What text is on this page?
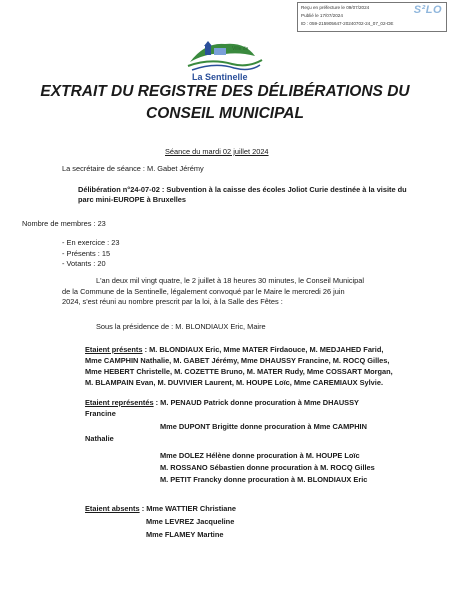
Reçu en préfecture le 09/07/2024
Publié le 17/07/2024
ID : 059-215905647-20240702-24_07_02-DE
S²LO
Ville de
La Sentinelle
EXTRAIT DU REGISTRE DES DÉLIBÉRATIONS DU CONSEIL MUNICIPAL
Séance du mardi 02 juillet 2024
La secrétaire de séance : M. Gabet Jérémy
Délibération n°24-07-02 : Subvention à la caisse des écoles Joliot Curie destinée à la visite du
parc mini-EUROPE à Bruxelles
Nombre de membres : 23
- En exercice : 23
- Présents : 15
- Votants : 20
L'an deux mil vingt quatre, le 2 juillet à 18 heures 30 minutes, le Conseil Municipal
de la Commune de la Sentinelle, légalement convoqué par le Maire le mercredi 26 juin
2024, s'est réuni au nombre prescrit par la loi, à la Salle des Fêtes :
Sous la présidence de : M. BLONDIAUX Eric, Maire
Etaient présents : M. BLONDIAUX Eric, Mme MATER Firdaouce, M. MEDJAHED Farid,
Mme CAMPHIN Nathalie, M. GABET Jérémy, Mme DHAUSSY Francine, M. ROCQ Gilles,
Mme HEBERT Christelle, M. COZETTE Bruno, M. MATER Rudy, Mme COSSART Morgan,
M. BLAMPAIN Evan, M. DUVIVIER Laurent, M. HOUPE Loïc, Mme CAREMIAUX Sylvie.
Etaient représentés : M. PENAUD Patrick donne procuration à Mme DHAUSSY
Francine
Mme DUPONT Brigitte donne procuration à Mme CAMPHIN
Nathalie
Mme DOLEZ Hélène donne procuration à M. HOUPE Loïc
M. ROSSANO Sébastien donne procuration à M. ROCQ Gilles
M. PETIT Francky donne procuration à M. BLONDIAUX Eric
Etaient absents : Mme WATTIER Christiane
Mme LEVREZ Jacqueline
Mme FLAMEY Martine
